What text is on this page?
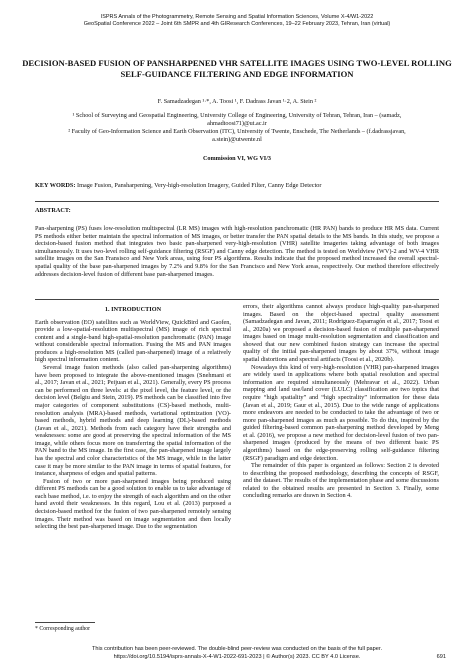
ISPRS Annals of the Photogrammetry, Remote Sensing and Spatial Information Sciences, Volume X-4/W1-2022
GeoSpatial Conference 2022 – Joint 6th SMPR and 4th GIResearch Conferences, 19–22 February 2023, Tehran, Iran (virtual)
DECISION-BASED FUSION OF PANSHARPENED VHR SATELLITE IMAGES USING TWO-LEVEL ROLLING SELF-GUIDANCE FILTERING AND EDGE INFORMATION
F. Samadzadegan ¹·*, A. Toosi ¹, F. Dadrass Javan ¹·2, A. Stein ²
¹ School of Surveying and Geospatial Engineering, University College of Engineering, University of Tehran, Tehran, Iran – (samadz, ahmadtoosi71)@ut.ac.ir
² Faculty of Geo-Information Science and Earth Observation (ITC), University of Twente, Enschede, The Netherlands – (f.dadrassjavan, a.stein)@utwente.nl
Commission VI, WG VI/3
KEY WORDS: Image Fusion, Pansharpening, Very-high-resolution Imagery, Guided Filter, Canny Edge Detector
ABSTRACT:
Pan-sharpening (PS) fuses low-resolution multispectral (LR MS) images with high-resolution panchromatic (HR PAN) bands to produce HR MS data. Current PS methods either better maintain the spectral information of MS images, or better transfer the PAN spatial details to the MS bands. In this study, we propose a decision-based fusion method that integrates two basic pan-sharpened very-high-resolution (VHR) satellite imageries taking advantage of both images simultaneously. It uses two-level rolling self-guidance filtering (RSGF) and Canny edge detection. The method is tested on Worldview (WV)-2 and WV-4 VHR satellite images on the San Fransisco and New York areas, using four PS algorithms. Results indicate that the proposed method increased the overall spectral-spatial quality of the base pan-sharpened images by 7.2% and 9.8% for the San Francisco and New York areas, respectively. Our method therefore effectively addresses decision-level fusion of different base pan-sharpened images.
1. INTRODUCTION

Earth observation (EO) satellites such as WorldView, QuickBird and Gaofen, provide a low-spatial-resolution multispectral (MS) image of rich spectral content and a single-band high-spatial-resolution panchromatic (PAN) image without considerable spectral information. Fusing the MS and PAN images produces a high-resolution MS (called pan-sharpened) image of a relatively high spectral information content.

Several image fusion methods (also called pan-sharpening algorithms) have been proposed to integrate the above-mentioned images (Snehmani et al., 2017; Javan et al., 2021; Peijuan et al., 2021). Generally, every PS process can be performed on three levels: at the pixel level, the feature level, or the decision level (Belgiu and Stein, 2019). PS methods can be classified into five major categories of component substitutions (CS)-based methods, multi-resolution analysis (MRA)-based methods, variational optimization (VO)-based methods, hybrid methods and deep learning (DL)-based methods (Javan et al., 2021). Methods from each category have their strengths and weaknesses: some are good at preserving the spectral information of the MS image, while others focus more on transferring the spatial information of the PAN band to the MS image. In the first case, the pan-sharpened image largely has the spectral and color characteristics of the MS image, while in the latter case it may be more similar to the PAN image in terms of spatial features, for instance, sharpness of edges and spatial patterns.

Fusion of two or more pan-sharpened images being produced using different PS methods can be a good solution to enable us to take advantage of each base method, i.e. to enjoy the strength of each algorithm and on the other hand avoid their weaknesses. In this regard, Lou et al. (2013) purposed a decision-based method for the fusion of two pan-sharpened remotely sensing images. Their method was based on image segmentation and then locally selecting the best pan-sharpened image. Due to the segmentation

errors, their algorithms cannot always produce high-quality pan-sharpened images. Based on the object-based spectral quality assessment (Samadzadegan and Javan, 2011; Rodriguez-Esparragón et al., 2017; Toosi et al., 2020a) we proposed a decision-based fusion of multiple pan-sharpened images based on image multi-resolution segmentation and classification and showed that our new combined fusion strategy can increase the spectral quality of the initial pan-sharpened images by about 37%, without image spatial distortions and spectral artifacts (Toosi et al., 2020b).

Nowadays this kind of very-high-resolution (VHR) pan-sharpened images are widely used in applications where both spatial resolution and spectral information are required simultaneously (Mehravar et al., 2022). Urban mapping and land use/land cover (LULC) classification are two topics that require “high spatiality” and “high spectrality” information for these data (Javan et al., 2019; Gaur et al., 2015). Due to the wide range of applications more endeavors are needed to be conducted to take the advantage of two or more pan-sharpened images as much as possible. To do this, inspired by the guided filtering-based common pan-sharpening method developed by Meng et al. (2016), we propose a new method for decision-level fusion of two pan-sharpened images (produced by the means of two different basic PS algorithms) based on the edge-preserving rolling self-guidance filtering (RSGF) paradigm and edge detection.

The remainder of this paper is organized as follows: Section 2 is devoted to describing the proposed methodology, describing the concepts of RSGF, and the dataset. The results of the implementation phase and some discussions related to the obtained results are presented in Section 3. Finally, some concluding remarks are drawn in Section 4.

* Corresponding author
This contribution has been peer-reviewed. The double-blind peer-review was conducted on the basis of the full paper.
https://doi.org/10.5194/isprs-annals-X-4-W1-2022-691-2023 | © Author(s) 2023. CC BY 4.0 License.	691
